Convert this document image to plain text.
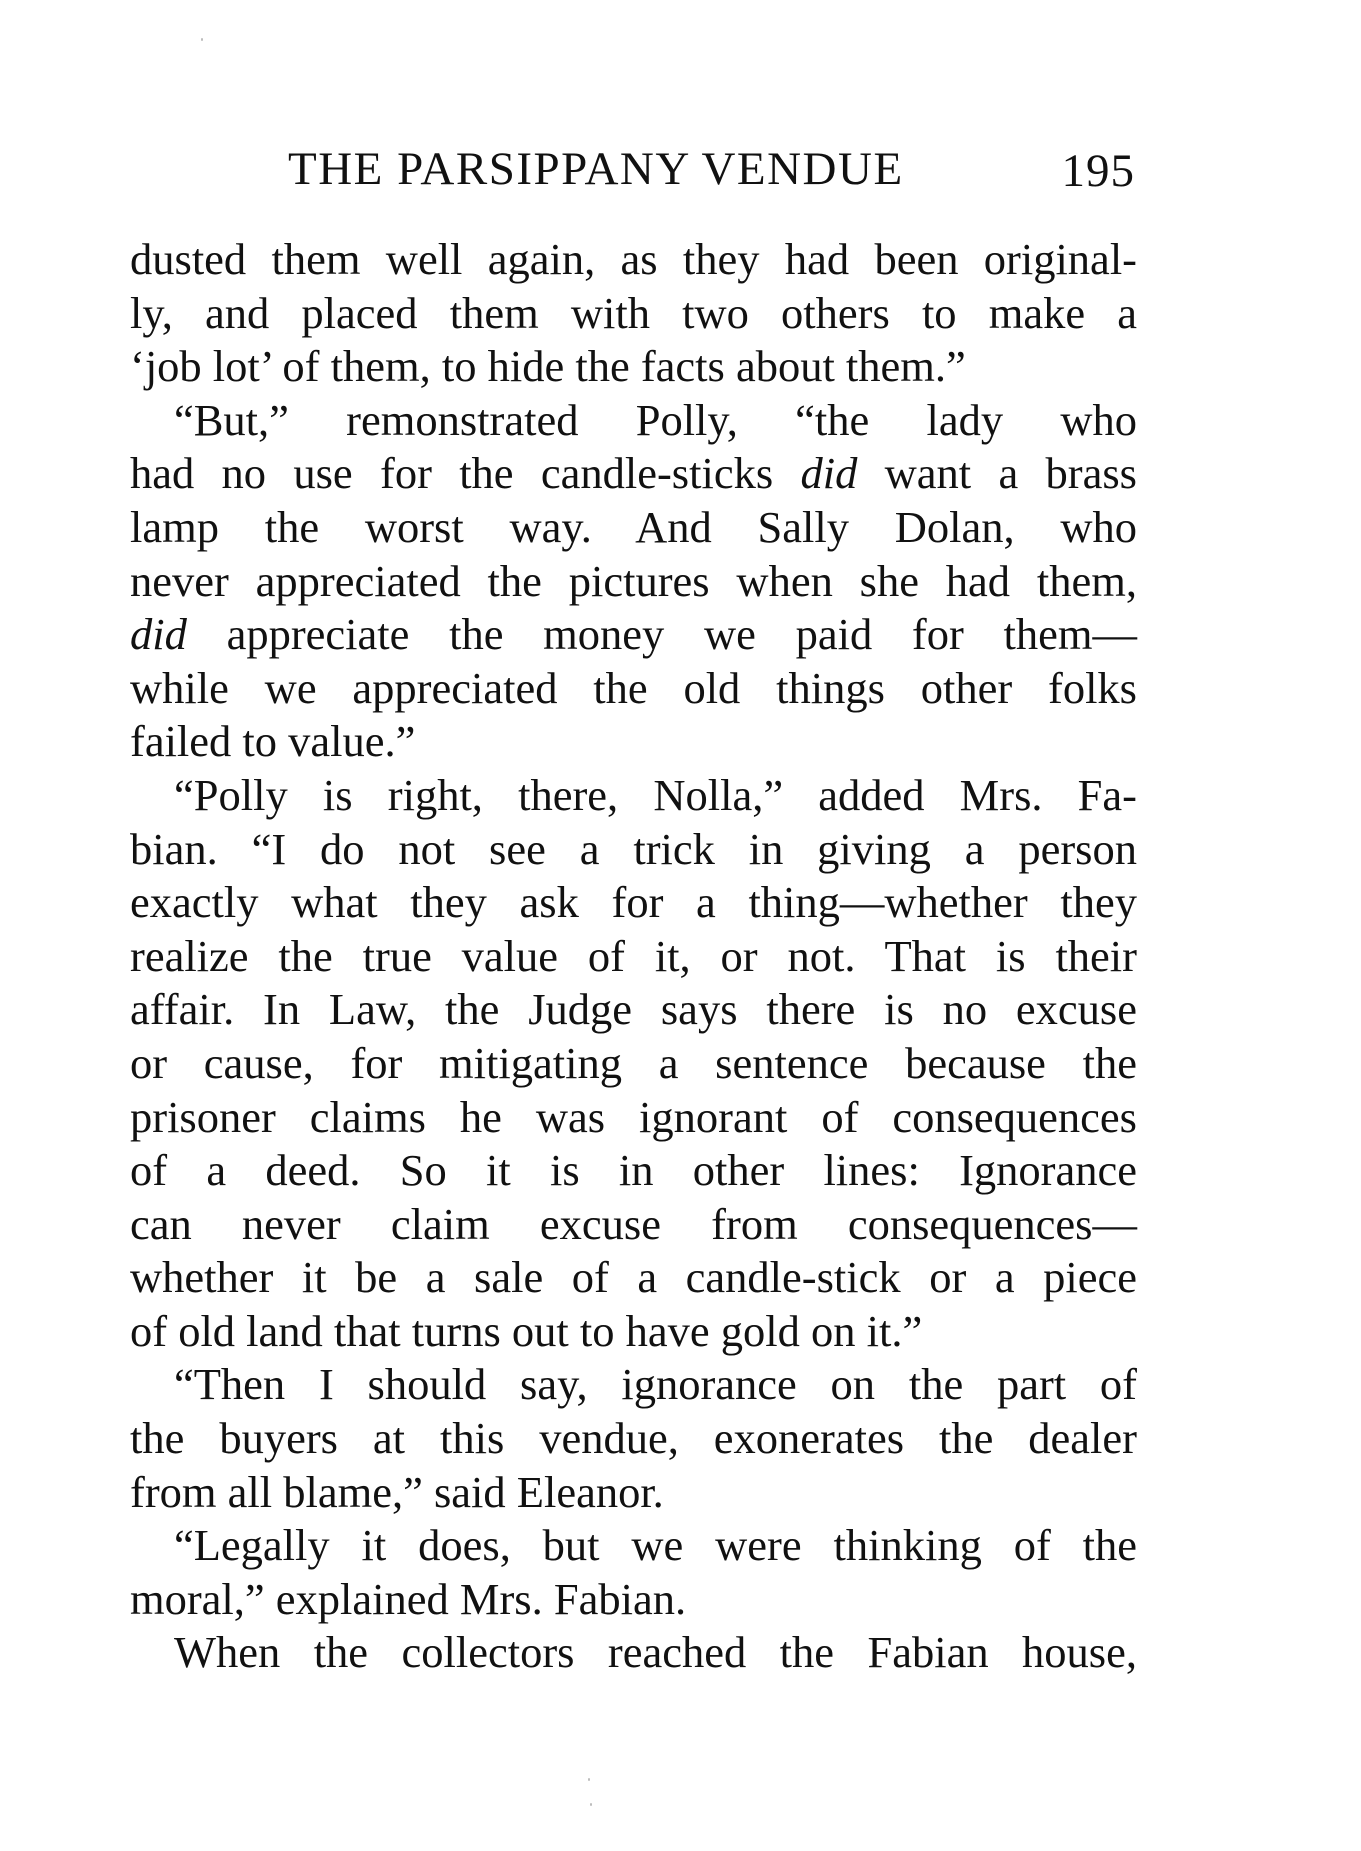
THE PARSIPPANY VENDUE	195
dusted them well again, as they had been original-
ly, and placed them with two others to make a
‘job lot’ of them, to hide the facts about them.”
“But,” remonstrated Polly, “the lady who
had no use for the candle-sticks did want a brass
lamp the worst way. And Sally Dolan, who
never appreciated the pictures when she had them,
did appreciate the money we paid for them—
while we appreciated the old things other folks
failed to value.”
“Polly is right, there, Nolla,” added Mrs. Fa-
bian. “I do not see a trick in giving a person
exactly what they ask for a thing—whether they
realize the true value of it, or not. That is their
affair. In Law, the Judge says there is no excuse
or cause, for mitigating a sentence because the
prisoner claims he was ignorant of consequences
of a deed. So it is in other lines: Ignorance
can never claim excuse from consequences—
whether it be a sale of a candle-stick or a piece
of old land that turns out to have gold on it.”
“Then I should say, ignorance on the part of
the buyers at this vendue, exonerates the dealer
from all blame,” said Eleanor.
“Legally it does, but we were thinking of the
moral,” explained Mrs. Fabian.
When the collectors reached the Fabian house,
